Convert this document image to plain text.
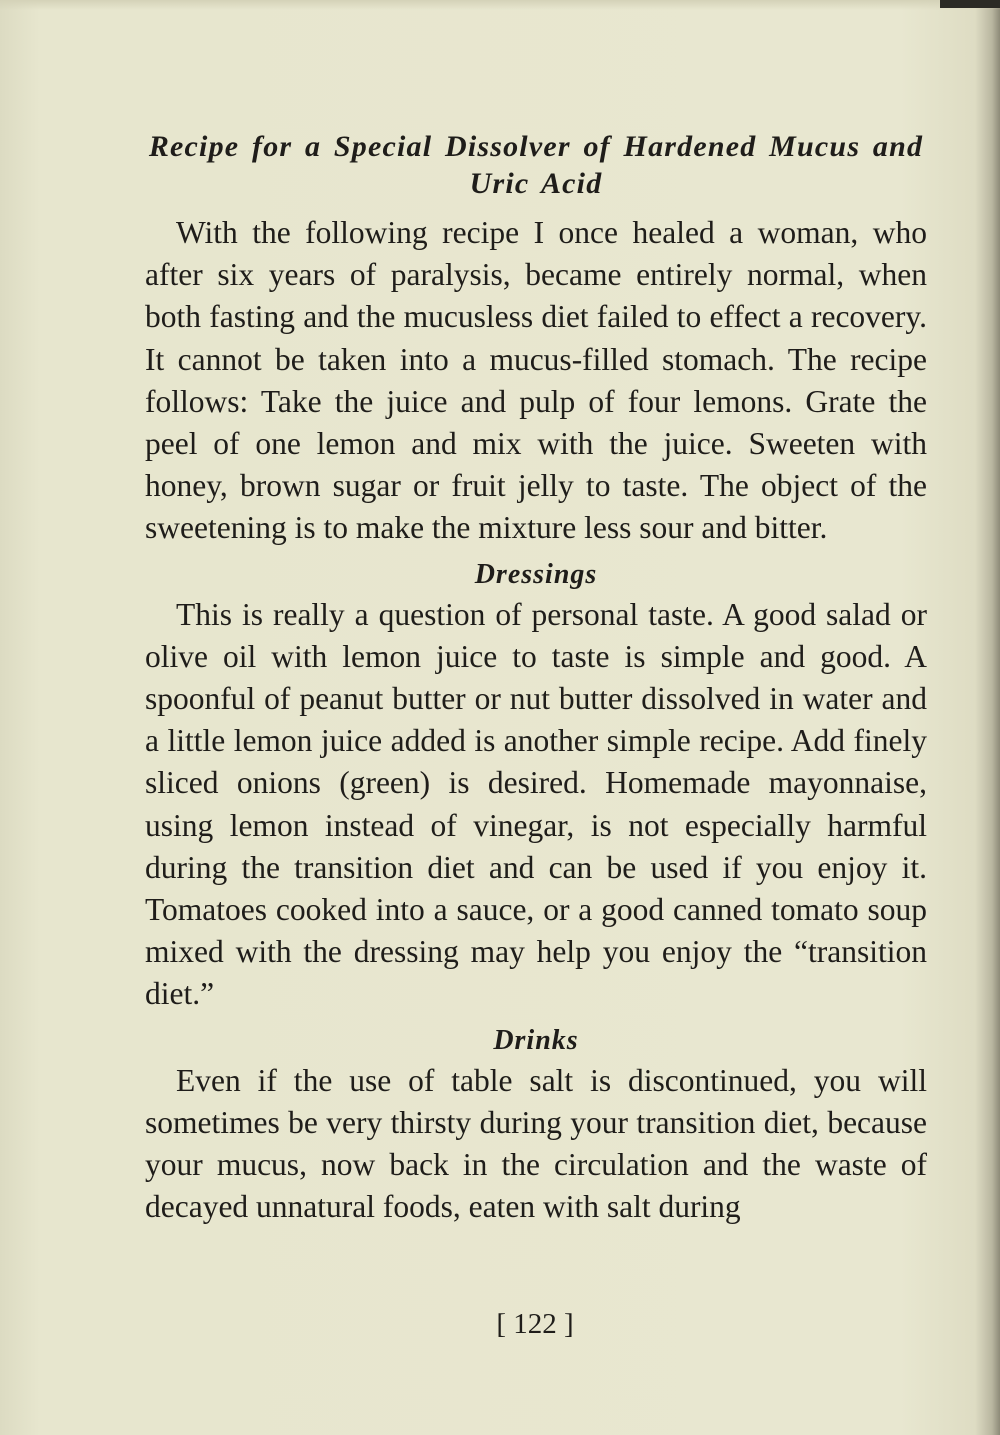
Recipe for a Special Dissolver of Hardened Mucus and Uric Acid

With the following recipe I once healed a woman, who after six years of paralysis, became entirely normal, when both fasting and the mucusless diet failed to effect a recovery. It cannot be taken into a mucus-filled stomach. The recipe follows: Take the juice and pulp of four lemons. Grate the peel of one lemon and mix with the juice. Sweeten with honey, brown sugar or fruit jelly to taste. The object of the sweetening is to make the mixture less sour and bitter.

Dressings

This is really a question of personal taste. A good salad or olive oil with lemon juice to taste is simple and good. A spoonful of peanut butter or nut butter dissolved in water and a little lemon juice added is another simple recipe. Add finely sliced onions (green) is desired. Homemade mayonnaise, using lemon instead of vinegar, is not especially harmful during the transition diet and can be used if you enjoy it. Tomatoes cooked into a sauce, or a good canned tomato soup mixed with the dressing may help you enjoy the “transition diet.”

Drinks

Even if the use of table salt is discontinued, you will sometimes be very thirsty during your transition diet, because your mucus, now back in the circulation and the waste of decayed unnatural foods, eaten with salt during

[ 122 ]
